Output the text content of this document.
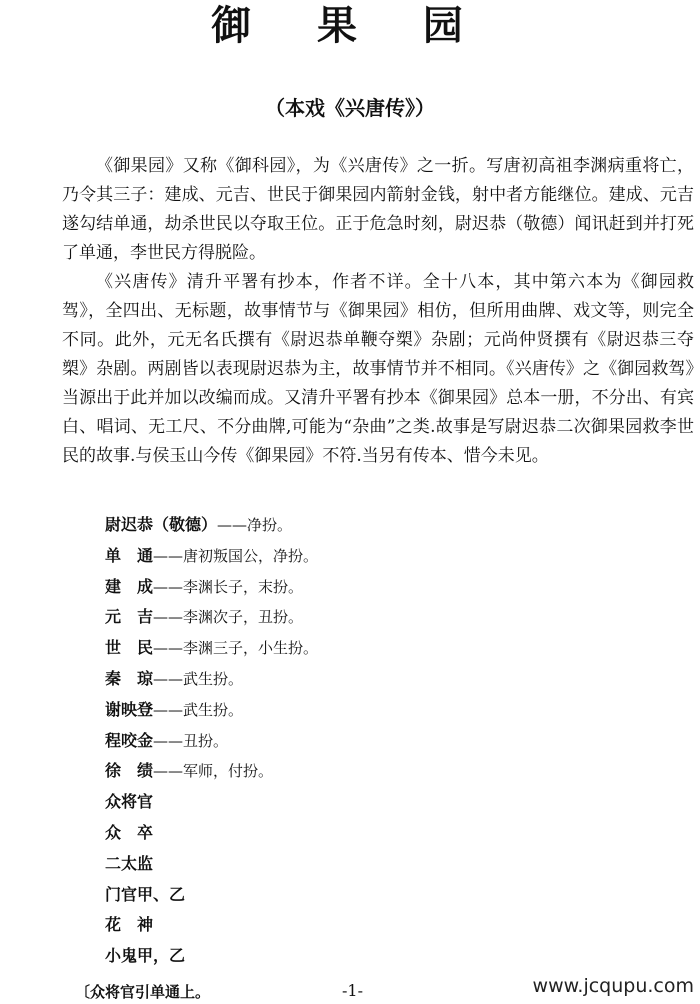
御 果 园
（本戏《兴唐传》）

《御果园》又称《御科园》，为《兴唐传》之一折。写唐初高祖李渊病重将亡，乃令其三子：建成、元吉、世民于御果园内箭射金钱，射中者方能继位。建成、元吉遂勾结单通，劫杀世民以夺取王位。正于危急时刻，尉迟恭（敬德）闻讯赶到并打死了单通，李世民方得脱险。

《兴唐传》清升平署有抄本，作者不详。全十八本，其中第六本为《御园救驾》，全四出、无标题，故事情节与《御果园》相仿，但所用曲牌、戏文等，则完全不同。此外，元无名氏撰有《尉迟恭单鞭夺槊》杂剧；元尚仲贤撰有《尉迟恭三夺槊》杂剧。两剧皆以表现尉迟恭为主，故事情节并不相同。《兴唐传》之《御园救驾》当源出于此并加以改编而成。又清升平署有抄本《御果园》总本一册，不分出、有宾白、唱词、无工尺、不分曲牌,可能为“杂曲”之类.故事是写尉迟恭二次御果园救李世民的故事.与侯玉山今传《御果园》不符.当另有传本、惜今未见。

尉迟恭（敬德）——净扮。
单　通——唐初叛国公，净扮。
建　成——李渊长子，末扮。
元　吉——李渊次子，丑扮。
世　民——李渊三子，小生扮。
秦　琼——武生扮。
谢映登——武生扮。
程咬金——丑扮。
徐　绩——军师，付扮。
众将官
众　卒
二太监
门官甲、乙
花　神
小鬼甲，乙
〔众将官引单通上。	-1-	www.jcqupu.com
